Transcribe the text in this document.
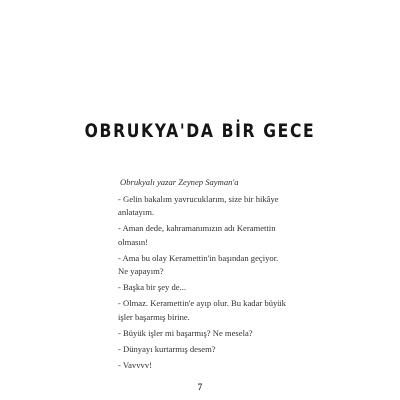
OBRUKYA'DA BİR GECE

Obrukyalı yazar Zeynep Sayman'a

- Gelin bakalım yavrucuklarım, size bir hikâye anlatayım.

- Aman dede, kahramanımızın adı Keramettin olmasın!

- Ama bu olay Keramettin'in başından geçiyor. Ne yapayım?

- Başka bir şey de...

- Olmaz. Keramettin'e ayıp olur. Bu kadar büyük işler başarmış birine.

- Büyük işler mi başarmış? Ne mesela?

- Dünyayı kurtarmış desem?

- Vavvvv!

7
